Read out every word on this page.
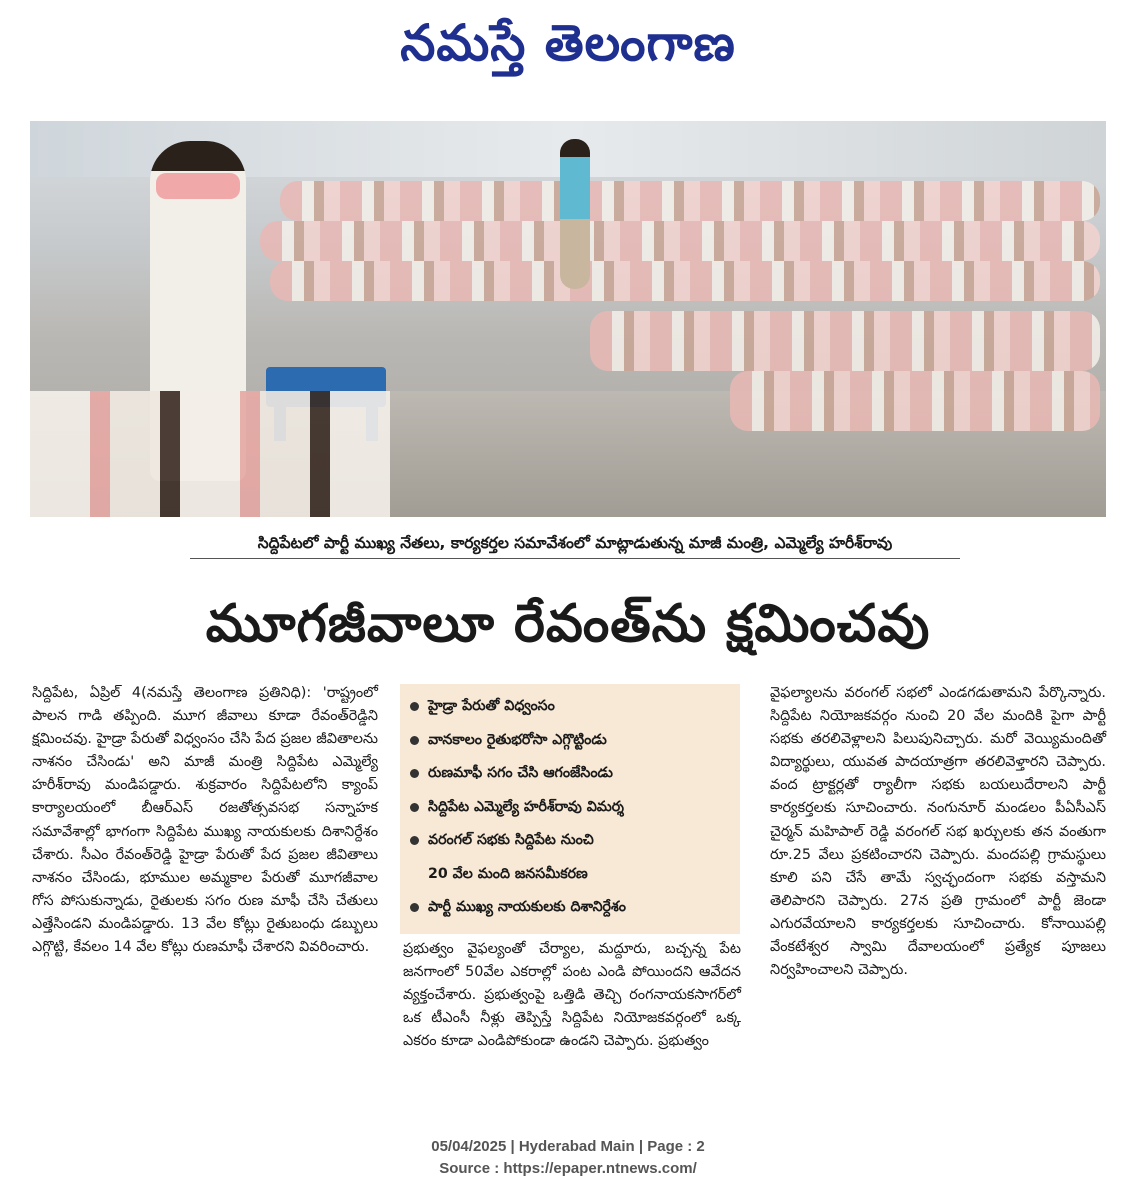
నమస్తే తెలంగాణ
సిద్దిపేటలో పార్టీ ముఖ్య నేతలు, కార్యకర్తల సమావేశంలో మాట్లాడుతున్న మాజీ మంత్రి, ఎమ్మెల్యే హరీశ్‌రావు
మూగజీవాలూ రేవంత్‌ను క్షమించవు

సిద్దిపేట, ఏప్రిల్ 4(నమస్తే తెలంగాణ ప్రతినిధి): 'రాష్ట్రంలో పాలన గాడి తప్పింది. మూగ జీవాలు కూడా రేవంత్‌రెడ్డిని క్షమించవు. హైడ్రా పేరుతో విధ్వంసం చేసి పేద ప్రజల జీవితాలను నాశనం చేసిండు' అని మాజీ మంత్రి సిద్దిపేట ఎమ్మెల్యే హరీశ్‌రావు మండిపడ్డారు. శుక్రవారం సిద్దిపేటలోని క్యాంప్ కార్యాలయంలో బీఆర్‌ఎస్ రజతోత్సవసభ సన్నాహక సమావేశాల్లో భాగంగా సిద్దిపేట ముఖ్య నాయకులకు దిశానిర్దేశం చేశారు. సీఎం రేవంత్‌రెడ్డి హైడ్రా పేరుతో పేద ప్రజల జీవితాలు నాశనం చేసిండు, భూముల అమ్మకాల పేరుతో మూగజీవాల గోస పోసుకున్నాడు, రైతులకు సగం రుణ మాఫీ చేసి చేతులు ఎత్తేసిండని మండిపడ్డారు. 13 వేల కోట్లు రైతుబంధు డబ్బులు ఎగ్గొట్టి, కేవలం 14 వేల కోట్లు రుణమాఫీ చేశారని వివరించారు.

హైడ్రా పేరుతో విధ్వంసం
వానకాలం రైతుభరోసా ఎగ్గొట్టిండు
రుణమాఫీ సగం చేసి ఆగంజేసిండు
సిద్దిపేట ఎమ్మెల్యే హరీశ్‌రావు విమర్శ
వరంగల్ సభకు సిద్దిపేట నుంచి
20 వేల మంది జనసమీకరణ
పార్టీ ముఖ్య నాయకులకు దిశానిర్దేశం

ప్రభుత్వం వైఫల్యంతో చేర్యాల, మద్దూరు, బచ్చన్న పేట జనగాంలో 50వేల ఎకరాల్లో పంట ఎండి పోయిందని ఆవేదన వ్యక్తంచేశారు. ప్రభుత్వంపై ఒత్తిడి తెచ్చి రంగనాయకసాగర్‌లో ఒక టీఎంసీ నీళ్లు తెప్పిస్తే సిద్దిపేట నియోజకవర్గంలో ఒక్క ఎకరం కూడా ఎండిపోకుండా ఉండని చెప్పారు. ప్రభుత్వం

వైఫల్యాలను వరంగల్ సభలో ఎండగడుతామని పేర్కొన్నారు. సిద్దిపేట నియోజకవర్గం నుంచి 20 వేల మందికి పైగా పార్టీ సభకు తరలివెళ్లాలని పిలుపునిచ్చారు. మరో వెయ్యిమందితో విద్యార్థులు, యువత పాదయాత్రగా తరలివెళ్తారని చెప్పారు. వంద ట్రాక్టర్లతో ర్యాలీగా సభకు బయలుదేరాలని పార్టీ కార్యకర్తలకు సూచించారు. నంగునూర్ మండలం పీఏసీఎస్ చైర్మన్ మహిపాల్ రెడ్డి వరంగల్ సభ ఖర్చులకు తన వంతుగా రూ.25 వేలు ప్రకటించారని చెప్పారు. మందపల్లి గ్రామస్థులు కూలి పని చేసే తామే స్వచ్ఛందంగా సభకు వస్తామని తెలిపారని చెప్పారు. 27న ప్రతి గ్రామంలో పార్టీ జెండా ఎగురవేయాలని కార్యకర్తలకు సూచించారు. కోనాయిపల్లి వేంకటేశ్వర స్వామి దేవాలయంలో ప్రత్యేక పూజలు నిర్వహించాలని చెప్పారు.

05/04/2025 | Hyderabad Main | Page : 2
Source : https://epaper.ntnews.com/
